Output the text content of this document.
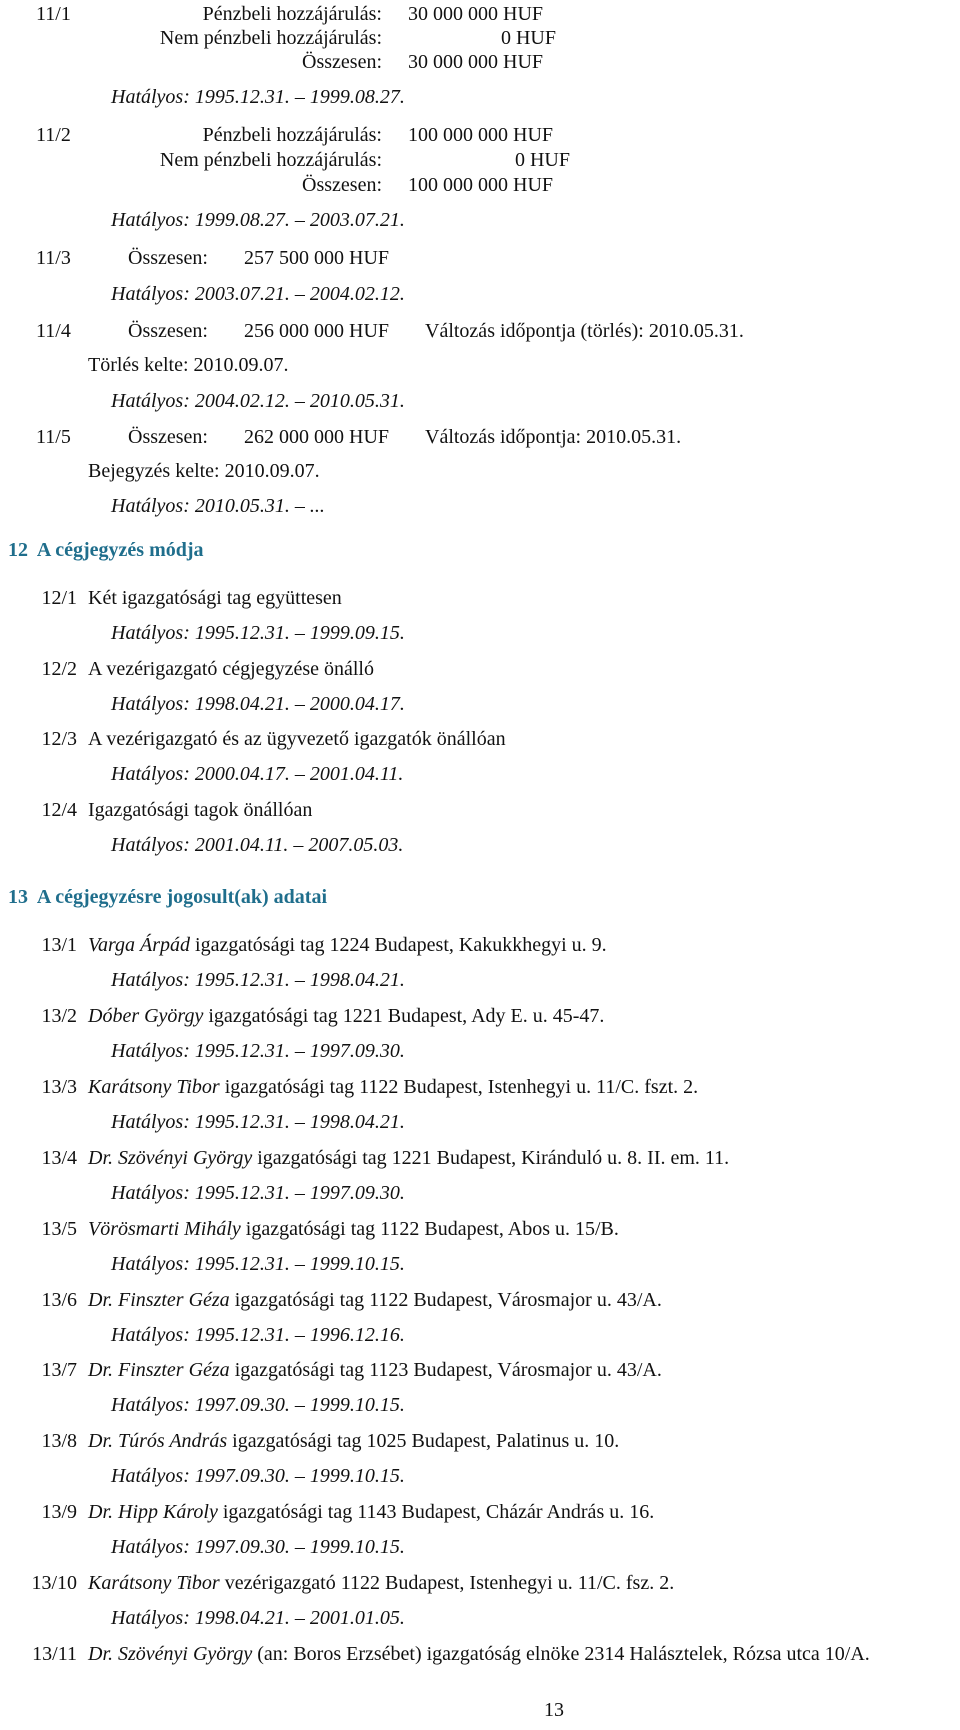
11/1	Pénzbeli hozzájárulás: 30 000 000 HUF
Nem pénzbeli hozzájárulás:	0 HUF
Összesen: 30 000 000 HUF
Hatályos: 1995.12.31. – 1999.08.27.
11/2	Pénzbeli hozzájárulás: 100 000 000 HUF
Nem pénzbeli hozzájárulás:	0 HUF
Összesen: 100 000 000 HUF
Hatályos: 1999.08.27. – 2003.07.21.
11/3	Összesen: 257 500 000 HUF
Hatályos: 2003.07.21. – 2004.02.12.
11/4	Összesen: 256 000 000 HUF Változás időpontja (törlés): 2010.05.31.
Törlés kelte: 2010.09.07.
Hatályos: 2004.02.12. – 2010.05.31.
11/5	Összesen: 262 000 000 HUF Változás időpontja: 2010.05.31.
Bejegyzés kelte: 2010.09.07.
Hatályos: 2010.05.31. – ...
12  A cégjegyzés módja
12/1 Két igazgatósági tag együttesen
Hatályos: 1995.12.31. – 1999.09.15.
12/2 A vezérigazgató cégjegyzése önálló
Hatályos: 1998.04.21. – 2000.04.17.
12/3 A vezérigazgató és az ügyvezető igazgatók önállóan
Hatályos: 2000.04.17. – 2001.04.11.
12/4 Igazgatósági tagok önállóan
Hatályos: 2001.04.11. – 2007.05.03.
13  A cégjegyzésre jogosult(ak) adatai
13/1 Varga Árpád igazgatósági tag 1224 Budapest, Kakukkhegyi u. 9.
Hatályos: 1995.12.31. – 1998.04.21.
13/2 Dóber György igazgatósági tag 1221 Budapest, Ady E. u. 45-47.
Hatályos: 1995.12.31. – 1997.09.30.
13/3 Karátsony Tibor igazgatósági tag 1122 Budapest, Istenhegyi u. 11/C. fszt. 2.
Hatályos: 1995.12.31. – 1998.04.21.
13/4 Dr. Szövényi György igazgatósági tag 1221 Budapest, Kiránduló u. 8. II. em. 11.
Hatályos: 1995.12.31. – 1997.09.30.
13/5 Vörösmarti Mihály igazgatósági tag 1122 Budapest, Abos u. 15/B.
Hatályos: 1995.12.31. – 1999.10.15.
13/6 Dr. Finszter Géza igazgatósági tag 1122 Budapest, Városmajor u. 43/A.
Hatályos: 1995.12.31. – 1996.12.16.
13/7 Dr. Finszter Géza igazgatósági tag 1123 Budapest, Városmajor u. 43/A.
Hatályos: 1997.09.30. – 1999.10.15.
13/8 Dr. Túrós András igazgatósági tag 1025 Budapest, Palatinus u. 10.
Hatályos: 1997.09.30. – 1999.10.15.
13/9 Dr. Hipp Károly igazgatósági tag 1143 Budapest, Cházár András u. 16.
Hatályos: 1997.09.30. – 1999.10.15.
13/10 Karátsony Tibor vezérigazgató 1122 Budapest, Istenhegyi u. 11/C. fsz. 2.
Hatályos: 1998.04.21. – 2001.01.05.
13/11 Dr. Szövényi György (an: Boros Erzsébet) igazgatóság elnöke 2314 Halásztelek, Rózsa utca 10/A.
13
